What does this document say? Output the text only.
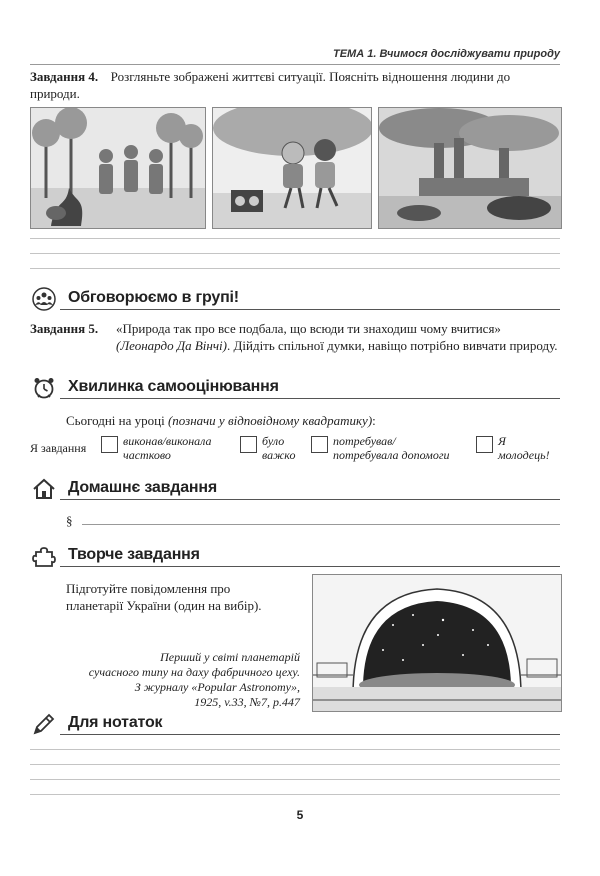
ТЕМА 1. Вчимося досліджувати природу
Завдання 4. Розгляньте зображені життєві ситуації. Поясніть відношення людини до природи.
Обговорюємо в групі!
Завдання 5.	«Природа так про все подбала, що всюди ти знаходиш чому вчитися» (Леонардо Да Вінчі). Дійдіть спільної думки, навіщо потрібно вивчати природу.
Хвилинка самооцінювання
Сьогодні на уроці (позначи у відповідному квадратику):
Я завдання	виконав/виконала
частково
було
важко
потребував/
потребувала допомоги
Я
молодець!
Домашнє завдання
§
Творче завдання
Підготуйте повідомлення про
планетарії України (один на вибір).
Перший у світі планетарій
сучасного типу на даху фабричного цеху.
З журналу «Popular Astronomy»,
1925, v.33, №7, p.447
Для нотаток
5
